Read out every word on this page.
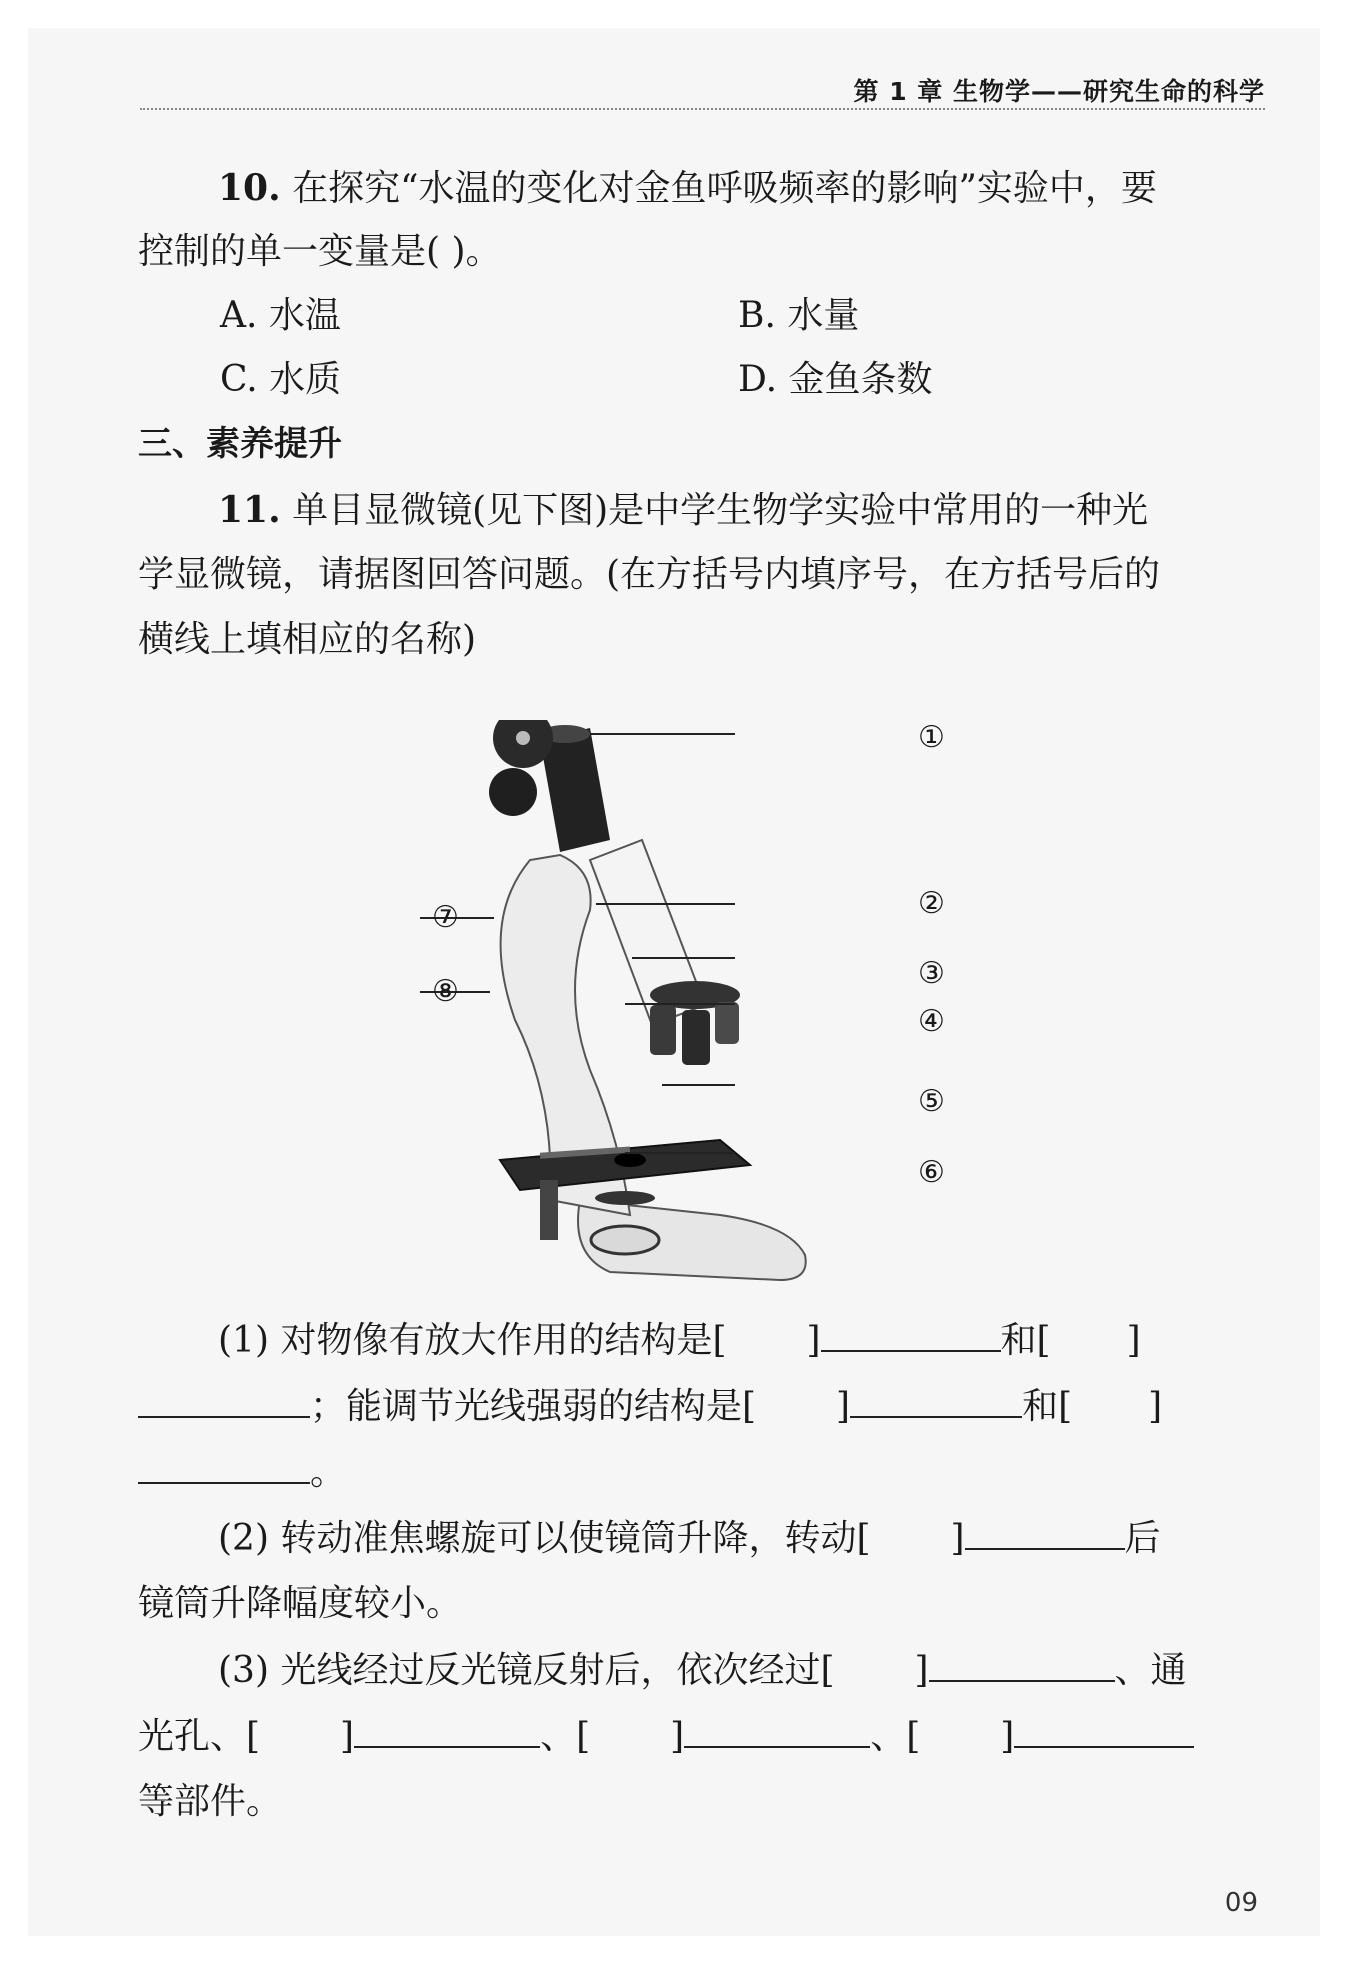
第 1 章 生物学——研究生命的科学
10. 在探究“水温的变化对金鱼呼吸频率的影响”实验中，要
控制的单一变量是( )。
A. 水温	B. 水量
C. 水质	D. 金鱼条数
三、素养提升
11. 单目显微镜(见下图)是中学生物学实验中常用的一种光
学显微镜，请据图回答问题。(在方括号内填序号，在方括号后的
横线上填相应的名称)
①
②
③
④
⑤
⑥
⑦
⑧
(1) 对物像有放大作用的结构是[ ]	和[ ]
；能调节光线强弱的结构是[ ]	和[ ]
。
(2) 转动准焦螺旋可以使镜筒升降，转动[ ]	后
镜筒升降幅度较小。
(3) 光线经过反光镜反射后，依次经过[ ]	、通
光孔、[ ]	、[ ]	、[ ]
等部件。
09
